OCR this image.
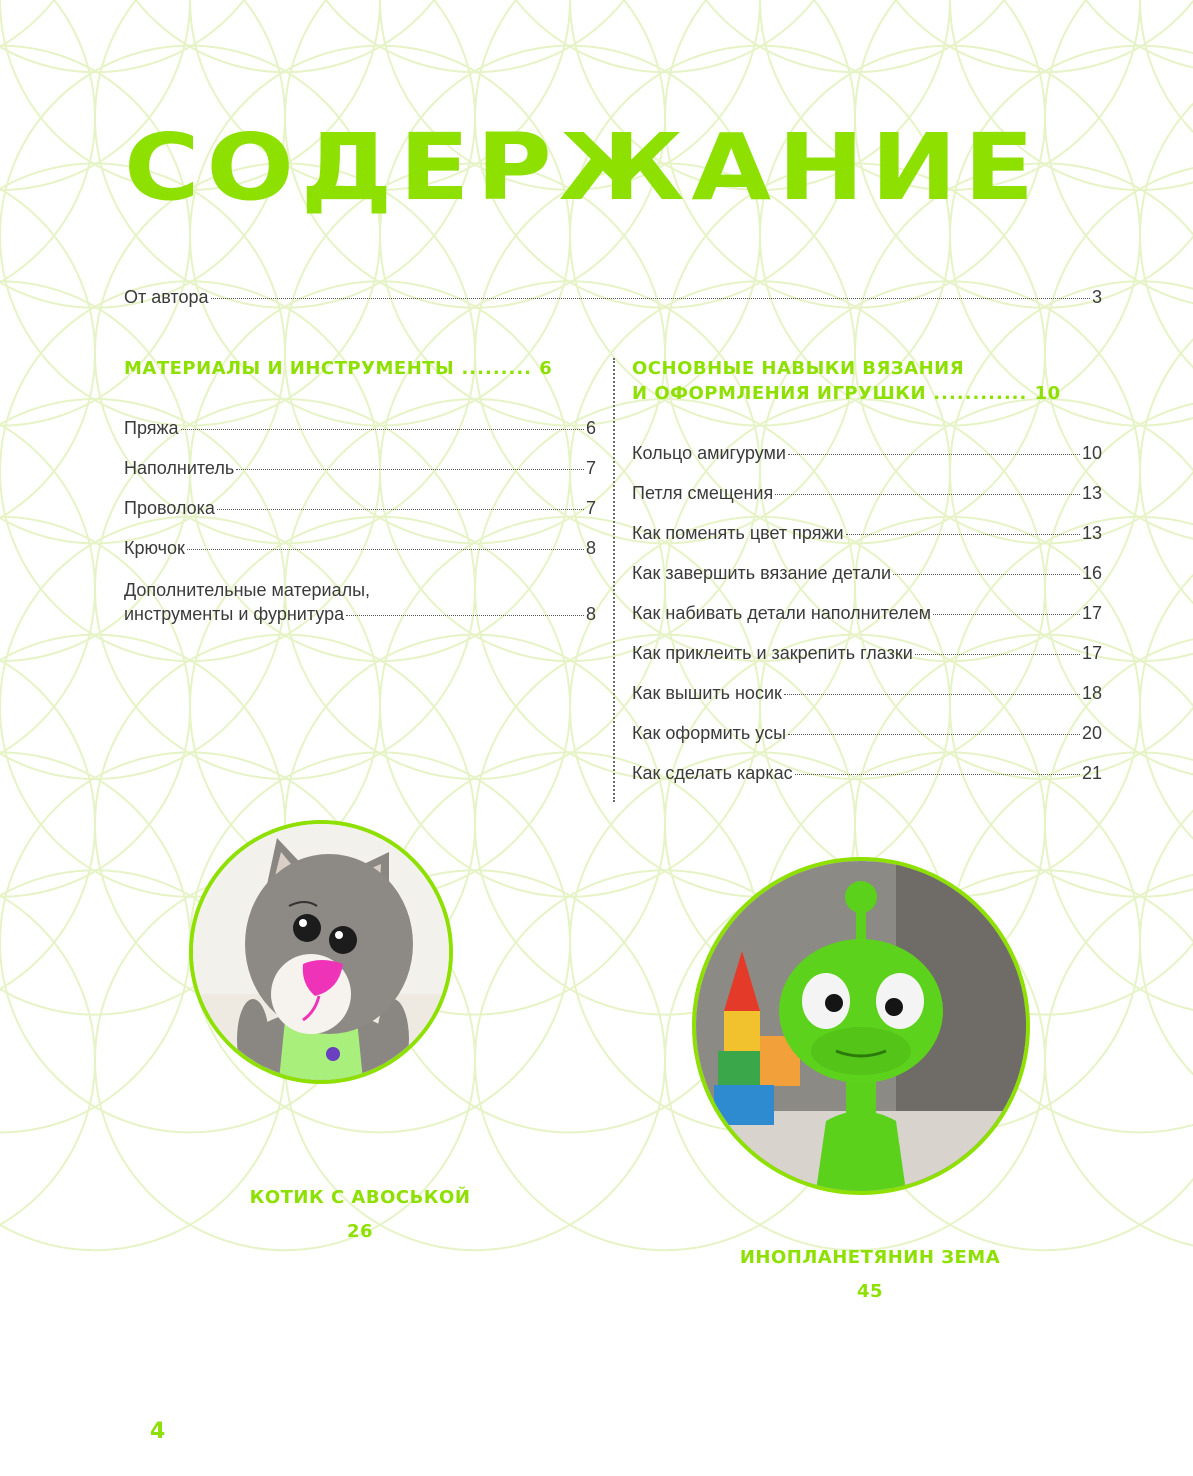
СОДЕРЖАНИЕ
От автора	3
МАТЕРИАЛЫ И ИНСТРУМЕНТЫ ......... 6
Пряжа	6
Наполнитель	7
Проволока	7
Крючок	8
Дополнительные материалы,
инструменты и фурнитура	8
ОСНОВНЫЕ НАВЫКИ ВЯЗАНИЯ
И ОФОРМЛЕНИЯ ИГРУШКИ ............ 10
Кольцо амигуруми	10
Петля смещения	13
Как поменять цвет пряжи	13
Как завершить вязание детали	16
Как набивать детали наполнителем	17
Как приклеить и закрепить глазки	17
Как вышить носик	18
Как оформить усы	20
Как сделать каркас	21
КОТИК С АВОСЬКОЙ
26
ИНОПЛАНЕТЯНИН ЗЕМА
45
4
